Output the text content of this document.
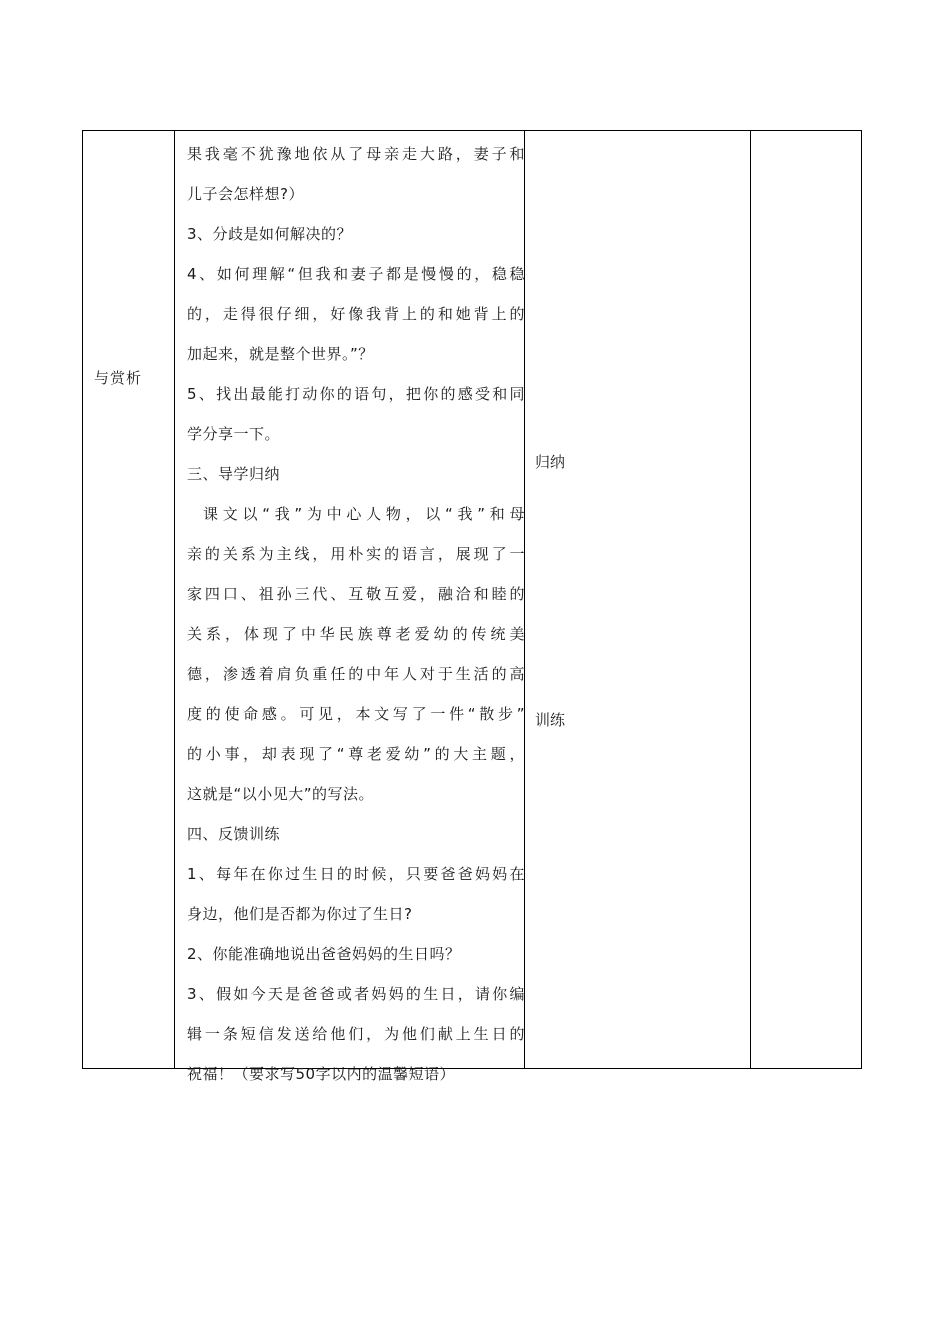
与赏析

果我毫不犹豫地依从了母亲走大路，妻子和

儿子会怎样想?）

3、分歧是如何解决的？

4、如何理解“但我和妻子都是慢慢的，稳稳

的，走得很仔细，好像我背上的和她背上的

加起来，就是整个世界。”？

5、找出最能打动你的语句，把你的感受和同

学分享一下。

三、导学归纳

课文以“我”为中心人物，以“我”和母

亲的关系为主线，用朴实的语言，展现了一

家四口、祖孙三代、互敬互爱，融洽和睦的

关系，体现了中华民族尊老爱幼的传统美

德，渗透着肩负重任的中年人对于生活的高

度的使命感。可见，本文写了一件“散步”

的小事，却表现了“尊老爱幼”的大主题，

这就是“以小见大”的写法。

四、反馈训练

1、每年在你过生日的时候，只要爸爸妈妈在

身边，他们是否都为你过了生日?

2、你能准确地说出爸爸妈妈的生日吗？

3、假如今天是爸爸或者妈妈的生日，请你编

辑一条短信发送给他们，为他们献上生日的

祝福！（要求写50字以内的温馨短语）

归纳
训练
